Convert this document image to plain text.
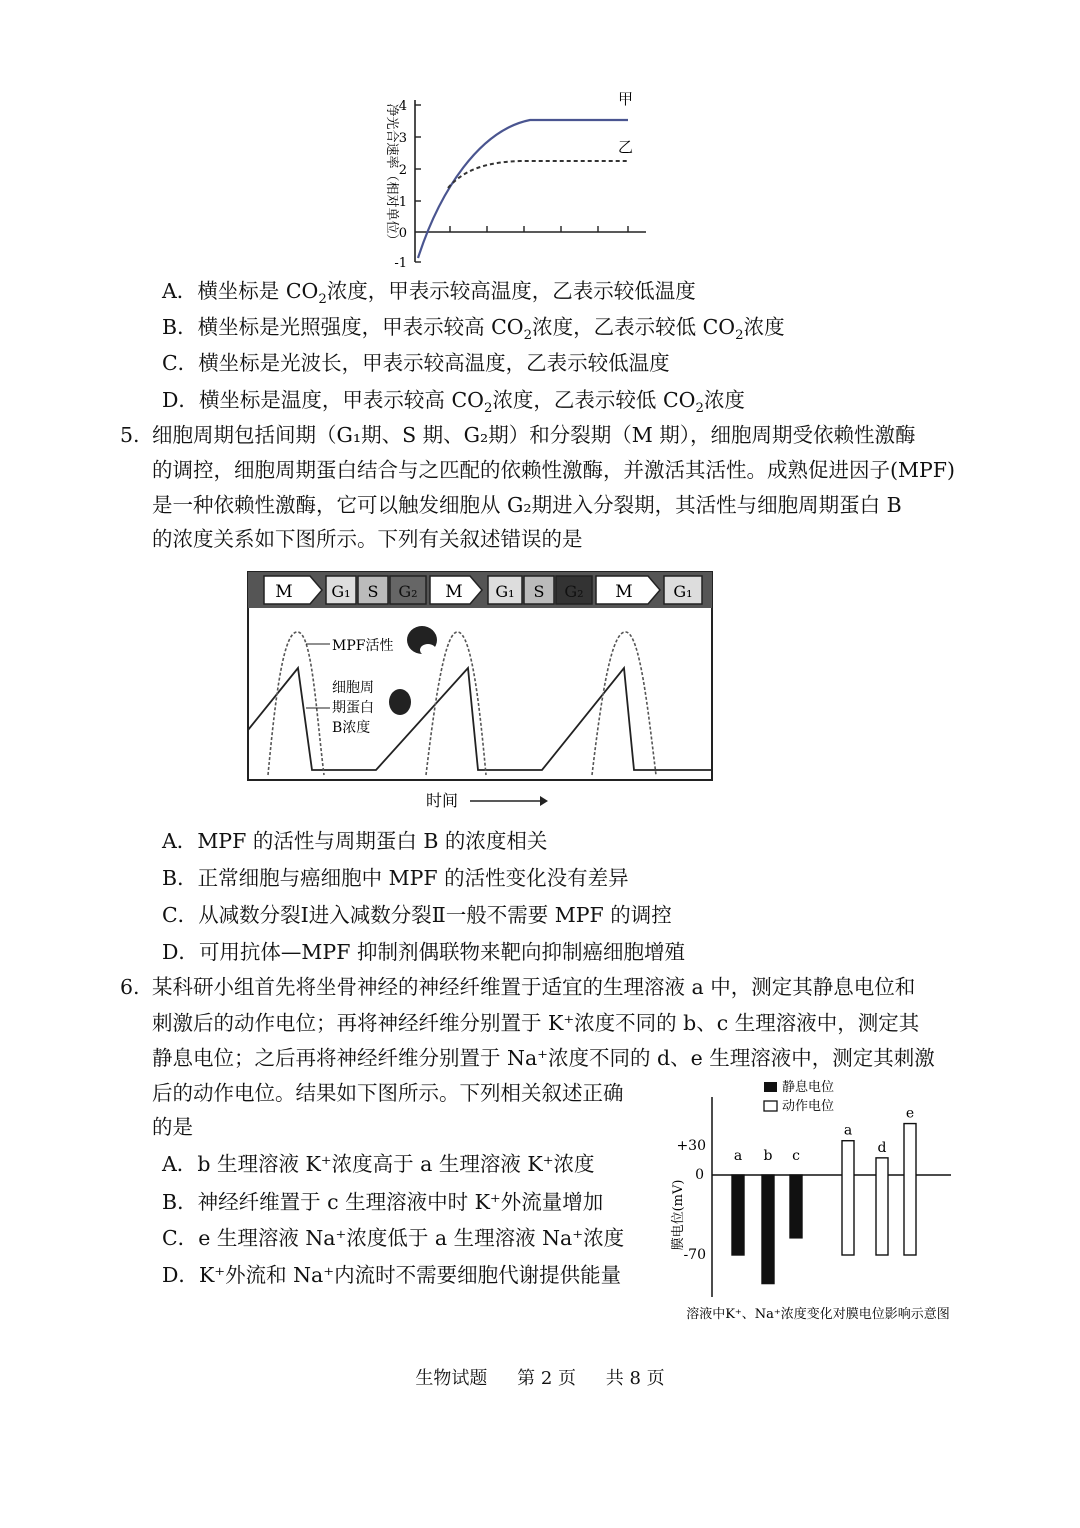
净光合速率（相对单位） 4
3
2
1
0
-1
甲
乙
A．横坐标是 $CO_2$浓度，甲表示较高温度，乙表示较低温度
B．横坐标是光照强度，甲表示较高 $CO_2$浓度，乙表示较低 $CO_2$浓度
C．横坐标是光波长，甲表示较高温度，乙表示较低温度
D．横坐标是温度，甲表示较高 $CO_2$浓度，乙表示较低 $CO_2$浓度
5. 细胞周期包括间期（G₁期、S 期、G₂期）和分裂期（M 期），细胞周期受依赖性激酶
的调控，细胞周期蛋白结合与之匹配的依赖性激酶，并激活其活性。成熟促进因子(MPF)
是一种依赖性激酶，它可以触发细胞从 G₂期进入分裂期，其活性与细胞周期蛋白 B
的浓度关系如下图所示。下列有关叙述错误的是
M G₁ S G₂ M G₁ S G₂ M	G₁
MPF活性
细胞周
期蛋白
B浓度
时间
A．MPF 的活性与周期蛋白 B 的浓度相关
B．正常细胞与癌细胞中 MPF 的活性变化没有差异
C．从减数分裂Ⅰ进入减数分裂Ⅱ一般不需要 MPF 的调控
D．可用抗体—MPF 抑制剂偶联物来靶向抑制癌细胞增殖
6. 某科研小组首先将坐骨神经的神经纤维置于适宜的生理溶液 a 中，测定其静息电位和
刺激后的动作电位；再将神经纤维分别置于 K⁺浓度不同的 b、c 生理溶液中，测定其
静息电位；之后再将神经纤维分别置于 Na⁺浓度不同的 d、e 生理溶液中，测定其刺激
后的动作电位。结果如下图所示。下列相关叙述正确
的是
A．b 生理溶液 K⁺浓度高于 a 生理溶液 K⁺浓度
B．神经纤维置于 c 生理溶液中时 K⁺外流量增加
C．e 生理溶液 Na⁺浓度低于 a 生理溶液 Na⁺浓度
D．K⁺外流和 Na⁺内流时不需要细胞代谢提供能量
静息电位
动作电位
膜电位(mV)
+30
0
-70
a b c
a
d
e
溶液中K⁺、Na⁺浓度变化对膜电位影响示意图
生物试题 第 2 页 共 8 页
